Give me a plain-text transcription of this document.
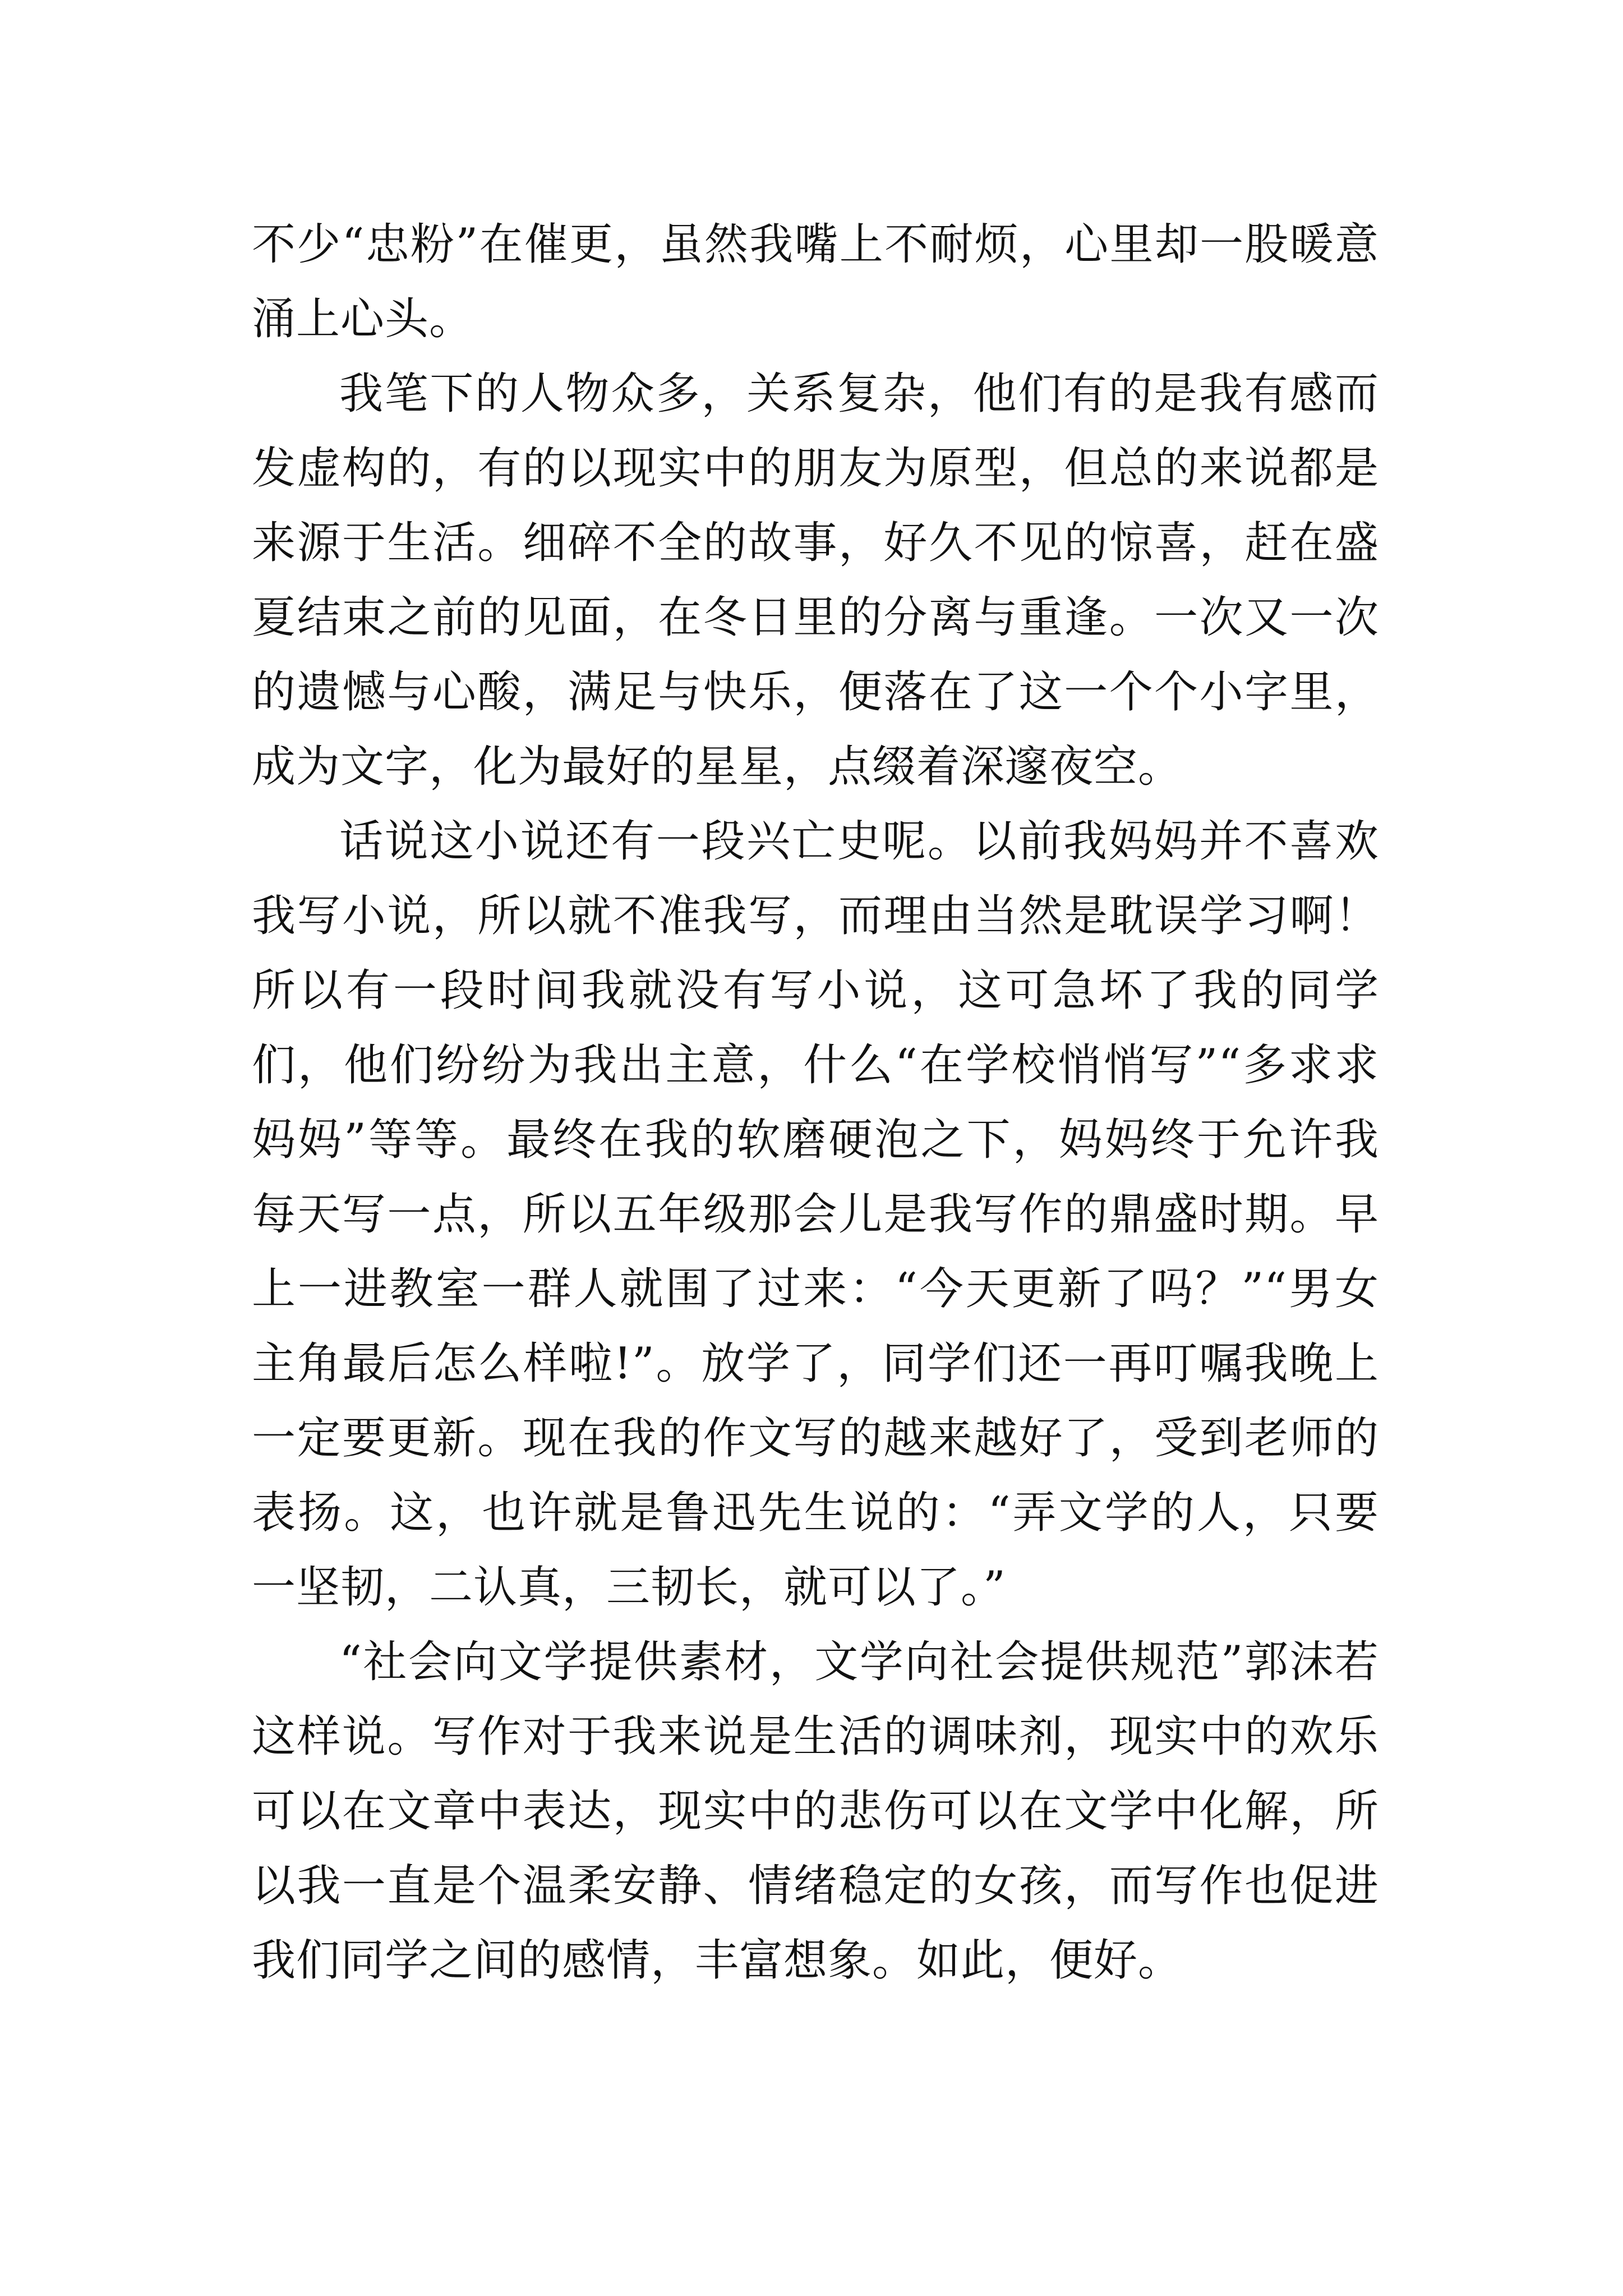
不少“忠粉”在催更，虽然我嘴上不耐烦，心里却一股暖意涌上心头。

我笔下的人物众多，关系复杂，他们有的是我有感而发虚构的，有的以现实中的朋友为原型，但总的来说都是来源于生活。细碎不全的故事，好久不见的惊喜，赶在盛夏结束之前的见面，在冬日里的分离与重逢。一次又一次的遗憾与心酸，满足与快乐，便落在了这一个个小字里，成为文字，化为最好的星星，点缀着深邃夜空。

话说这小说还有一段兴亡史呢。以前我妈妈并不喜欢我写小说，所以就不准我写，而理由当然是耽误学习啊！所以有一段时间我就没有写小说，这可急坏了我的同学们，他们纷纷为我出主意，什么“在学校悄悄写”“多求求妈妈”等等。最终在我的软磨硬泡之下，妈妈终于允许我每天写一点，所以五年级那会儿是我写作的鼎盛时期。早上一进教室一群人就围了过来：“今天更新了吗？”“男女主角最后怎么样啦!”。放学了，同学们还一再叮嘱我晚上一定要更新。现在我的作文写的越来越好了，受到老师的表扬。这，也许就是鲁迅先生说的：“弄文学的人，只要一坚韧，二认真，三韧长，就可以了。”

“社会向文学提供素材，文学向社会提供规范”郭沫若这样说。写作对于我来说是生活的调味剂，现实中的欢乐可以在文章中表达，现实中的悲伤可以在文学中化解，所以我一直是个温柔安静、情绪稳定的女孩，而写作也促进我们同学之间的感情，丰富想象。如此，便好。
